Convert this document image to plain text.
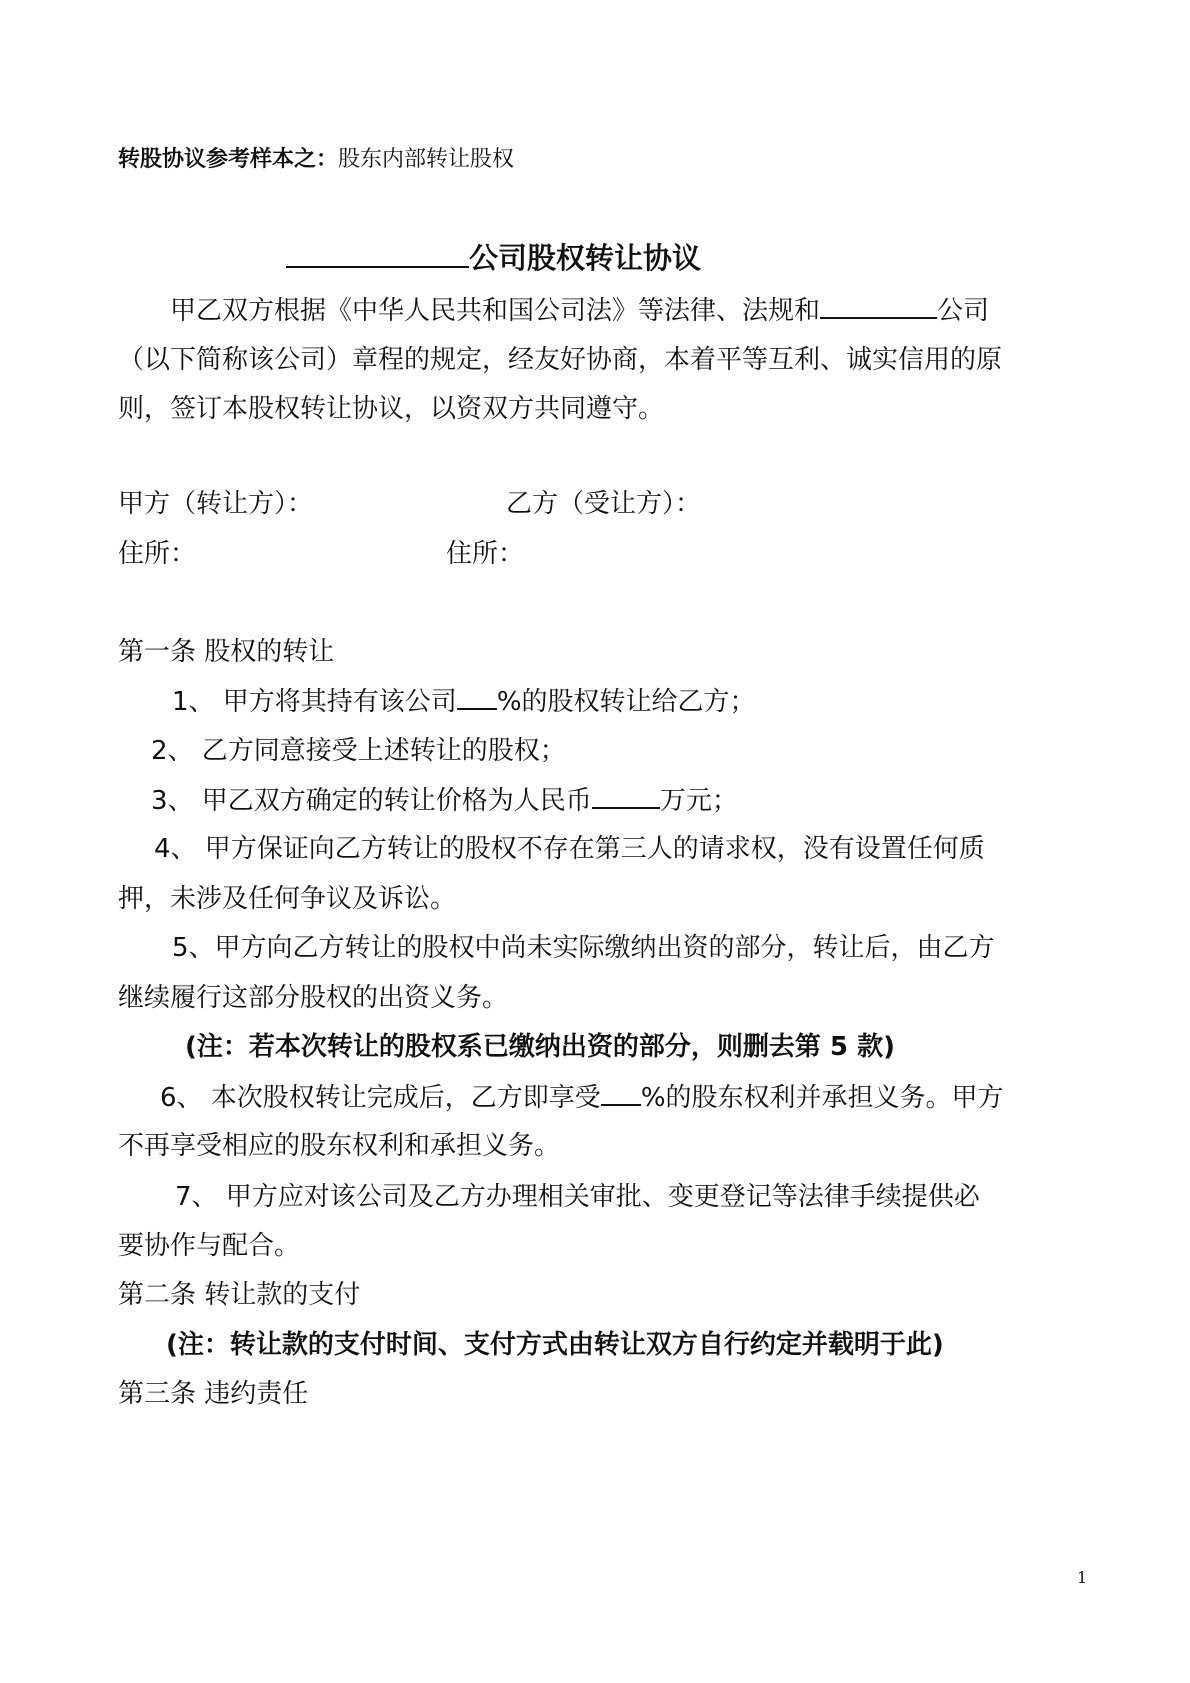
转股协议参考样本之：股东内部转让股权
公司股权转让协议
甲乙双方根据《中华人民共和国公司法》等法律、法规和	公司
（以下简称该公司）章程的规定，经友好协商，本着平等互利、诚实信用的原
则，签订本股权转让协议，以资双方共同遵守。
甲方（转让方）：	乙方（受让方）：
住所：	住所：
第一条 股权的转让
1、 甲方将其持有该公司 %的股权转让给乙方；
2、 乙方同意接受上述转让的股权；
3、 甲乙双方确定的转让价格为人民币	万元；
4、 甲方保证向乙方转让的股权不存在第三人的请求权，没有设置任何质
押，未涉及任何争议及诉讼。
5、甲方向乙方转让的股权中尚未实际缴纳出资的部分，转让后，由乙方
继续履行这部分股权的出资义务。
(注：若本次转让的股权系已缴纳出资的部分，则删去第 5 款)
6、 本次股权转让完成后，乙方即享受 %的股东权利并承担义务。甲方
不再享受相应的股东权利和承担义务。
7、 甲方应对该公司及乙方办理相关审批、变更登记等法律手续提供必
要协作与配合。
第二条 转让款的支付
(注：转让款的支付时间、支付方式由转让双方自行约定并载明于此)
第三条 违约责任
1
